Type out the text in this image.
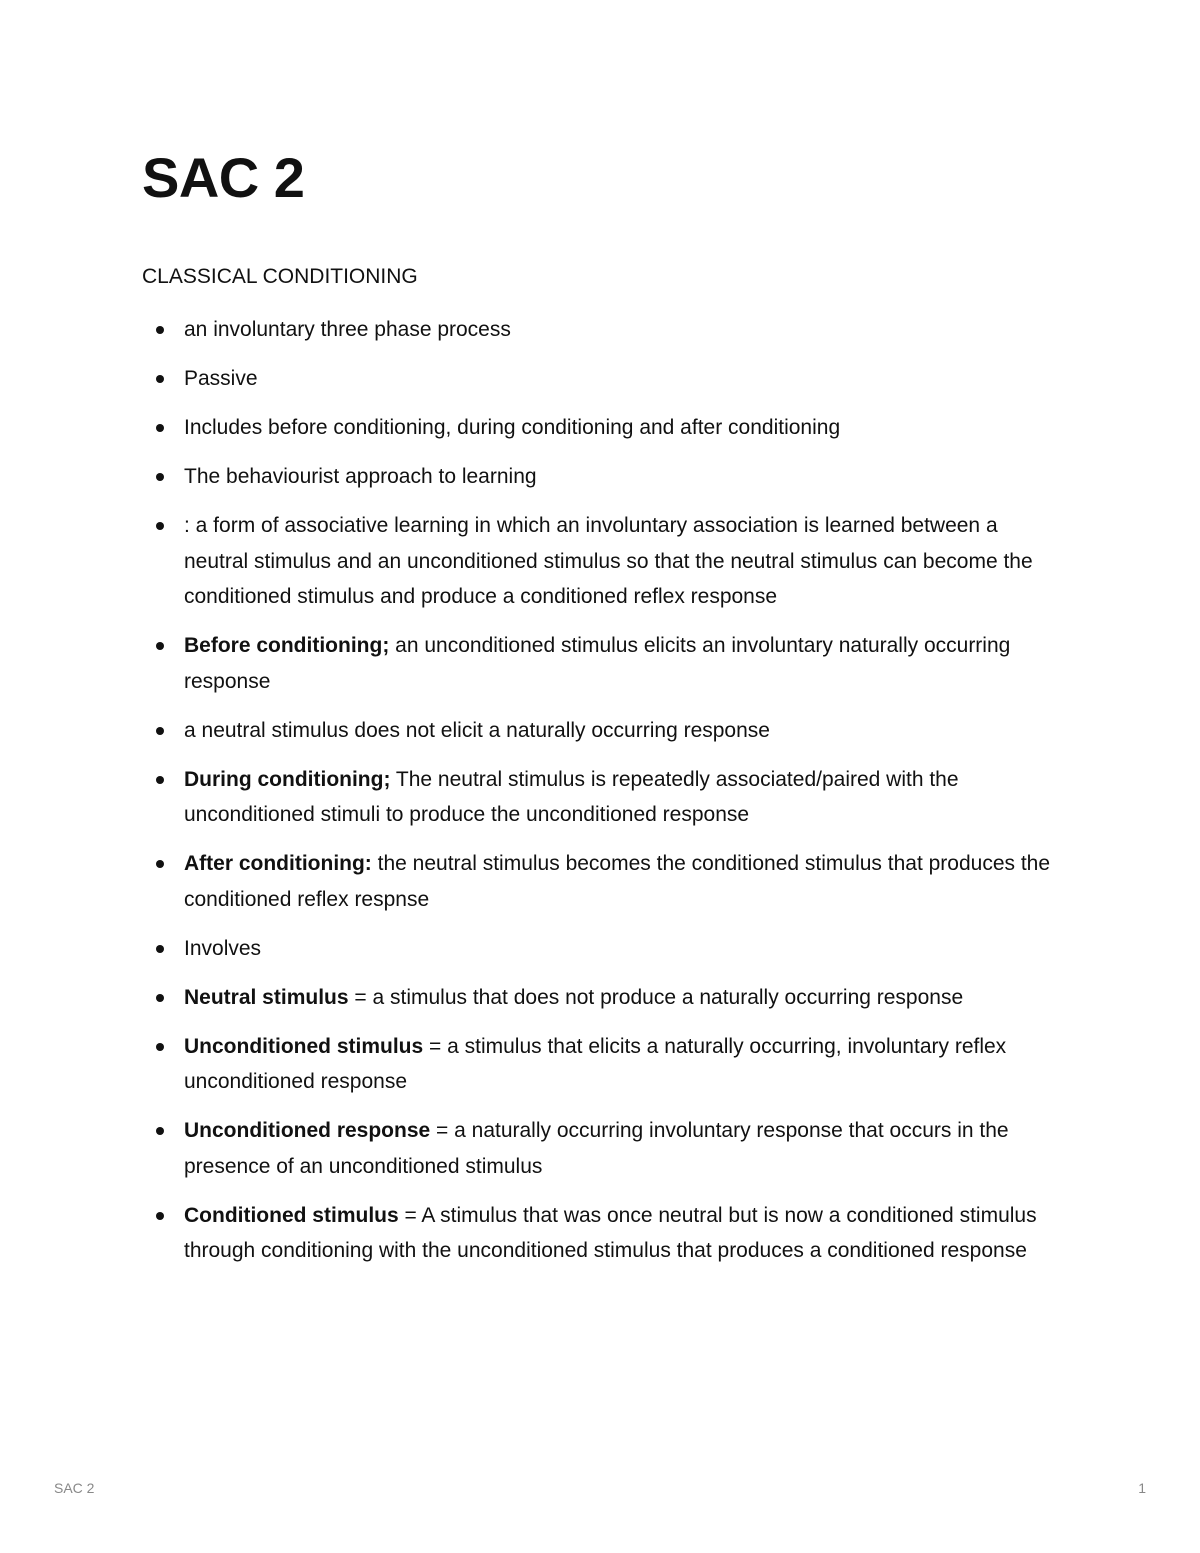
SAC 2
CLASSICAL CONDITIONING
an involuntary three phase process
Passive
Includes before conditioning, during conditioning and after conditioning
The behaviourist approach to learning
: a form of associative learning in which an involuntary association is learned between a neutral stimulus and an unconditioned stimulus so that the neutral stimulus can become the conditioned stimulus and produce a conditioned reflex response
Before conditioning; an unconditioned stimulus elicits an involuntary naturally occurring response
a neutral stimulus does not elicit a naturally occurring response
During conditioning; The neutral stimulus is repeatedly associated/paired with the unconditioned stimuli to produce the unconditioned response
After conditioning: the neutral stimulus becomes the conditioned stimulus that produces the conditioned reflex respnse
Involves
Neutral stimulus = a stimulus that does not produce a naturally occurring response
Unconditioned stimulus = a stimulus that elicits a naturally occurring, involuntary reflex unconditioned response
Unconditioned response = a naturally occurring involuntary response that occurs in the presence of an unconditioned stimulus
Conditioned stimulus = A stimulus that was once neutral but is now a conditioned stimulus through conditioning with the unconditioned stimulus that produces a conditioned response
SAC 2	1
